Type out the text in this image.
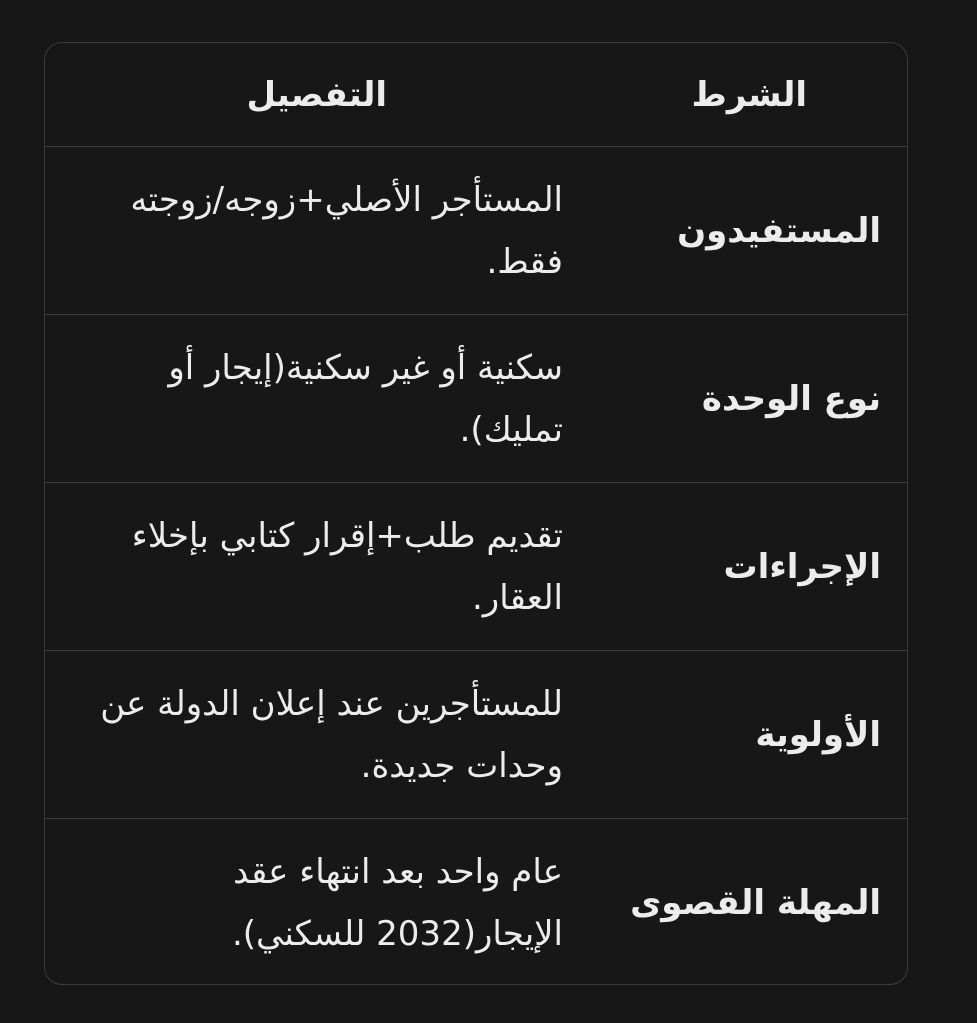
الشرط
التفصيل
المستفيدون
المستأجر الأصلي+زوجه/زوجته فقط.
نوع الوحدة
سكنية أو غير سكنية(إيجار أو تمليك).
الإجراءات
تقديم طلب+إقرار كتابي بإخلاء العقار.
الأولوية
للمستأجرين عند إعلان الدولة عن وحدات جديدة.
المهلة القصوى
عام واحد بعد انتهاء عقد الإيجار(2032 للسكني).
